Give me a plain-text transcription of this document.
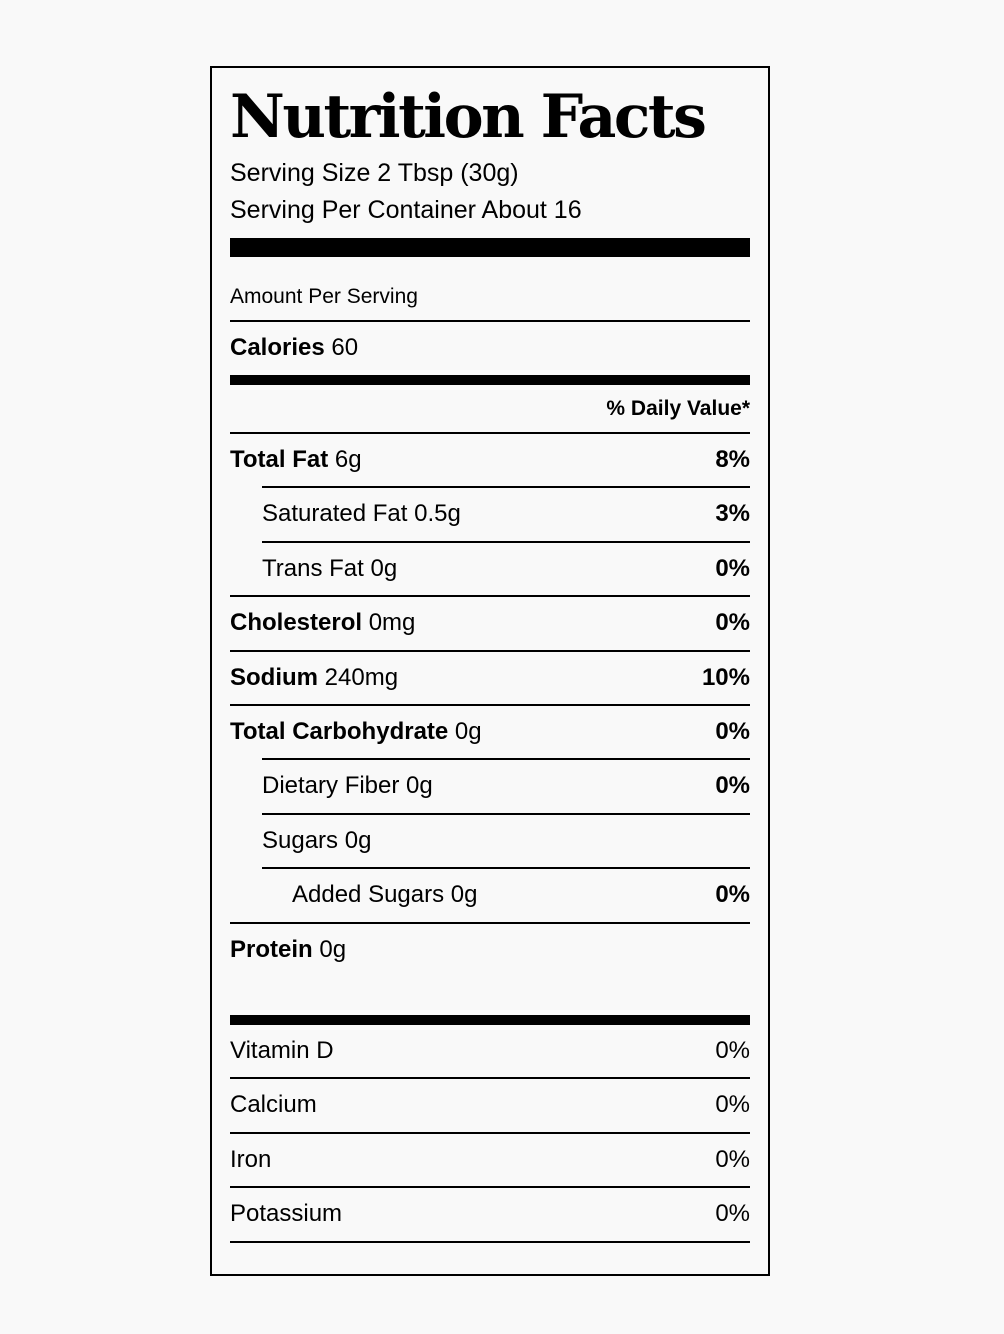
Nutrition Facts
Serving Size 2 Tbsp (30g)
Serving Per Container About 16
Amount Per Serving
Calories 60
% Daily Value*
Total Fat 6g	8%
Saturated Fat 0.5g	3%
Trans Fat 0g	0%
Cholesterol 0mg	0%
Sodium 240mg	10%
Total Carbohydrate 0g	0%
Dietary Fiber 0g	0%
Sugars 0g
Added Sugars 0g	0%
Protein 0g
Vitamin D	0%
Calcium	0%
Iron	0%
Potassium	0%
